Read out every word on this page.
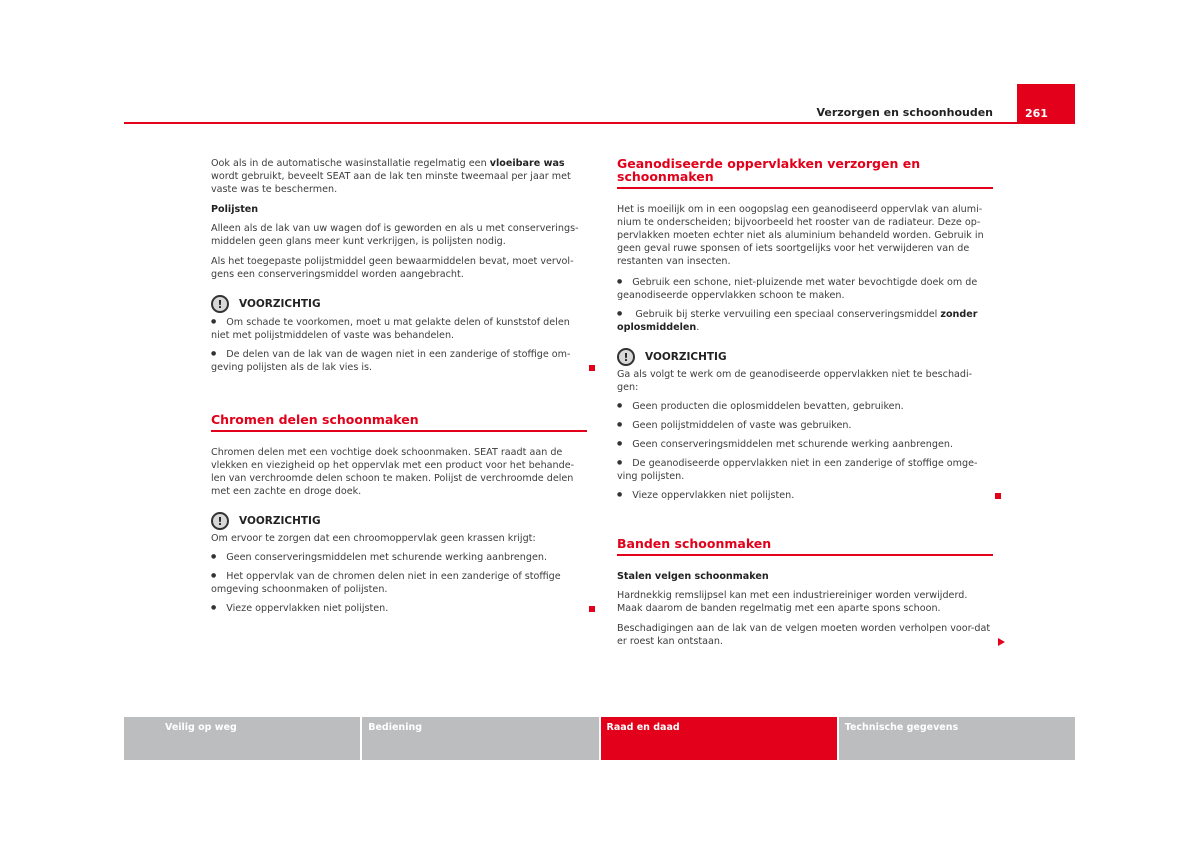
Verzorgen en schoonhouden	261

Ook als in de automatische wasinstallatie regelmatig een vloeibare was wordt gebruikt, beveelt SEAT aan de lak ten minste tweemaal per jaar met vaste was te beschermen.

Polijsten

Alleen als de lak van uw wagen dof is geworden en als u met conserverings-middelen geen glans meer kunt verkrijgen, is polijsten nodig.

Als het toegepaste polijstmiddel geen bewaarmiddelen bevat, moet vervol-gens een conserveringsmiddel worden aangebracht.

!	VOORZICHTIG

● Om schade te voorkomen, moet u mat gelakte delen of kunststof delen niet met polijstmiddelen of vaste was behandelen.

● De delen van de lak van de wagen niet in een zanderige of stoffige om-geving polijsten als de lak vies is.

Chromen delen schoonmaken

Chromen delen met een vochtige doek schoonmaken. SEAT raadt aan de vlekken en viezigheid op het oppervlak met een product voor het behande-len van verchroomde delen schoon te maken. Polijst de verchroomde delen met een zachte en droge doek.

!	VOORZICHTIG

Om ervoor te zorgen dat een chroomoppervlak geen krassen krijgt:

● Geen conserveringsmiddelen met schurende werking aanbrengen.

● Het oppervlak van de chromen delen niet in een zanderige of stoffige omgeving schoonmaken of polijsten.

● Vieze oppervlakken niet polijsten.

Geanodiseerde oppervlakken verzorgen en schoonmaken

Het is moeilijk om in een oogopslag een geanodiseerd oppervlak van alumi-nium te onderscheiden; bijvoorbeeld het rooster van de radiateur. Deze op-pervlakken moeten echter niet als aluminium behandeld worden. Gebruik in geen geval ruwe sponsen of iets soortgelijks voor het verwijderen van de restanten van insecten.

● Gebruik een schone, niet-pluizende met water bevochtigde doek om de geanodiseerde oppervlakken schoon te maken.

● Gebruik bij sterke vervuiling een speciaal conserveringsmiddel zonder oplosmiddelen.

!	VOORZICHTIG

Ga als volgt te werk om de geanodiseerde oppervlakken niet te beschadi-gen:

● Geen producten die oplosmiddelen bevatten, gebruiken.

● Geen polijstmiddelen of vaste was gebruiken.

● Geen conserveringsmiddelen met schurende werking aanbrengen.

● De geanodiseerde oppervlakken niet in een zanderige of stoffige omge-ving polijsten.

● Vieze oppervlakken niet polijsten.

Banden schoonmaken

Stalen velgen schoonmaken

Hardnekkig remslijpsel kan met een industriereiniger worden verwijderd. Maak daarom de banden regelmatig met een aparte spons schoon.

Beschadigingen aan de lak van de velgen moeten worden verholpen voor-dat er roest kan ontstaan.

Veilig op weg	Bediening	Raad en daad	Technische gegevens
